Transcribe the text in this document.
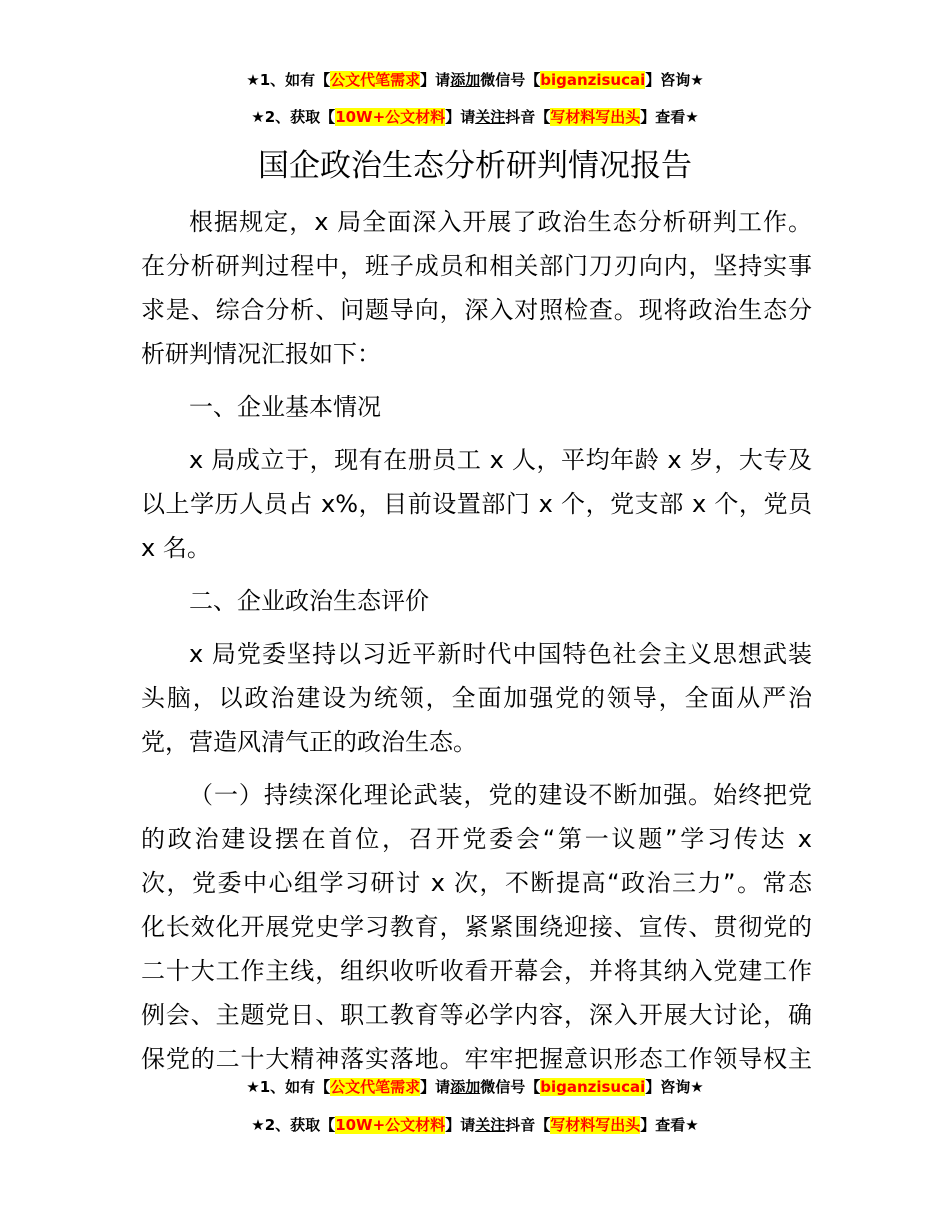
★1、如有【公文代笔需求】请添加微信号【biganzisucai】咨询★
★2、获取【10W+公文材料】请关注抖音【写材料写出头】查看★
国企政治生态分析研判情况报告
根据规定，x 局全面深入开展了政治生态分析研判工作。
在分析研判过程中，班子成员和相关部门刀刃向内，坚持实事
求是、综合分析、问题导向，深入对照检查。现将政治生态分
析研判情况汇报如下：
一、企业基本情况
x 局成立于，现有在册员工 x 人，平均年龄 x 岁，大专及
以上学历人员占 x%，目前设置部门 x 个，党支部 x 个，党员
x 名。
二、企业政治生态评价
x 局党委坚持以习近平新时代中国特色社会主义思想武装
头脑，以政治建设为统领，全面加强党的领导，全面从严治
党，营造风清气正的政治生态。
（一）持续深化理论武装，党的建设不断加强。始终把党
的政治建设摆在首位，召开党委会“第一议题”学习传达 x
次，党委中心组学习研讨 x 次，不断提高“政治三力”。常态
化长效化开展党史学习教育，紧紧围绕迎接、宣传、贯彻党的
二十大工作主线，组织收听收看开幕会，并将其纳入党建工作
例会、主题党日、职工教育等必学内容，深入开展大讨论，确
保党的二十大精神落实落地。牢牢把握意识形态工作领导权主
★1、如有【公文代笔需求】请添加微信号【biganzisucai】咨询★
★2、获取【10W+公文材料】请关注抖音【写材料写出头】查看★
